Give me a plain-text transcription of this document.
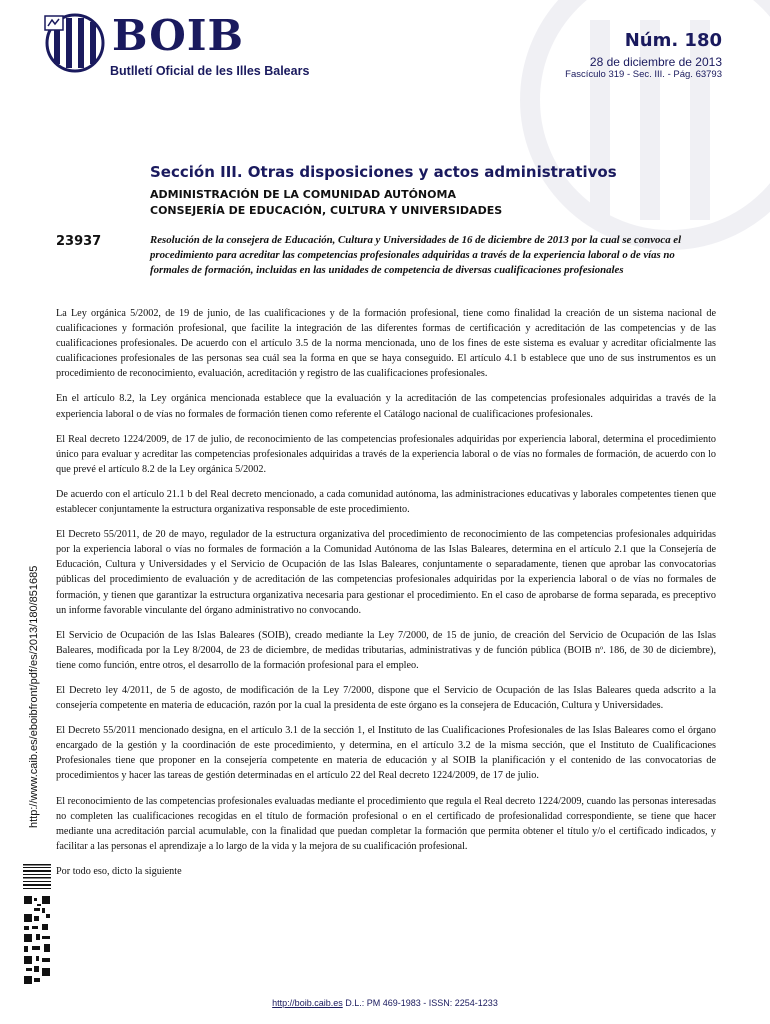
BOIB
Butlletí Oficial de les Illes Balears
Núm. 180
28 de diciembre de 2013
Fascículo 319 - Sec. III. - Pág. 63793
Sección III. Otras disposiciones y actos administrativos
ADMINISTRACIÓN DE LA COMUNIDAD AUTÓNOMA
CONSEJERÍA DE EDUCACIÓN, CULTURA Y UNIVERSIDADES
23937	Resolución de la consejera de Educación, Cultura y Universidades de 16 de diciembre de 2013 por la cual se convoca el procedimiento para acreditar las competencias profesionales adquiridas a través de la experiencia laboral o de vías no formales de formación, incluidas en las unidades de competencia de diversas cualificaciones profesionales

La Ley orgánica 5/2002, de 19 de junio, de las cualificaciones y de la formación profesional, tiene como finalidad la creación de un sistema nacional de cualificaciones y formación profesional, que facilite la integración de las diferentes formas de certificación y acreditación de las competencias y de las cualificaciones profesionales. De acuerdo con el artículo 3.5 de la norma mencionada, uno de los fines de este sistema es evaluar y acreditar oficialmente las cualificaciones profesionales de las personas sea cuál sea la forma en que se haya conseguido. El artículo 4.1 b establece que uno de sus instrumentos es un procedimiento de reconocimiento, evaluación, acreditación y registro de las cualificaciones profesionales.

En el artículo 8.2, la Ley orgánica mencionada establece que la evaluación y la acreditación de las competencias profesionales adquiridas a través de la experiencia laboral o de vías no formales de formación tienen como referente el Catálogo nacional de cualificaciones profesionales.

El Real decreto 1224/2009, de 17 de julio, de reconocimiento de las competencias profesionales adquiridas por experiencia laboral, determina el procedimiento único para evaluar y acreditar las competencias profesionales adquiridas a través de la experiencia laboral o de vías no formales de formación, de acuerdo con lo que prevé el artículo 8.2 de la Ley orgánica 5/2002.

De acuerdo con el artículo 21.1 b del Real decreto mencionado, a cada comunidad autónoma, las administraciones educativas y laborales competentes tienen que establecer conjuntamente la estructura organizativa responsable de este procedimiento.

El Decreto 55/2011, de 20 de mayo, regulador de la estructura organizativa del procedimiento de reconocimiento de las competencias profesionales adquiridas por la experiencia laboral o vías no formales de formación a la Comunidad Autónoma de las Islas Baleares, determina en el artículo 2.1 que la Consejería de Educación, Cultura y Universidades y el Servicio de Ocupación de las Islas Baleares, conjuntamente o separadamente, tienen que aprobar las convocatorias públicas del procedimiento de evaluación y de acreditación de las competencias profesionales adquiridas por la experiencia laboral o de vías no formales de formación, y tienen que garantizar la estructura organizativa necesaria para gestionar el procedimiento. En el caso de aprobarse de forma separada, es preceptivo un informe favorable vinculante del órgano administrativo no convocando.

El Servicio de Ocupación de las Islas Baleares (SOIB), creado mediante la Ley 7/2000, de 15 de junio, de creación del Servicio de Ocupación de las Islas Baleares, modificada por la Ley 8/2004, de 23 de diciembre, de medidas tributarias, administrativas y de función pública (BOIB nº. 186, de 30 de diciembre), tiene como función, entre otros, el desarrollo de la formación profesional para el empleo.

El Decreto ley 4/2011, de 5 de agosto, de modificación de la Ley 7/2000, dispone que el Servicio de Ocupación de las Islas Baleares queda adscrito a la consejería competente en materia de educación, razón por la cual la presidenta de este órgano es la consejera de Educación, Cultura y Universidades.

El Decreto 55/2011 mencionado designa, en el artículo 3.1 de la sección 1, el Instituto de las Cualificaciones Profesionales de las Islas Baleares como el órgano encargado de la gestión y la coordinación de este procedimiento, y determina, en el artículo 3.2 de la misma sección, que el Instituto de Cualificaciones Profesionales tiene que proponer en la consejería competente en materia de educación y al SOIB la planificación y el contenido de las convocatorias de procedimientos y hacer las tareas de gestión determinadas en el artículo 22 del Real decreto 1224/2009, de 17 de julio.

El reconocimiento de las competencias profesionales evaluadas mediante el procedimiento que regula el Real decreto 1224/2009, cuando las personas interesadas no completen las cualificaciones recogidas en el título de formación profesional o en el certificado de profesionalidad correspondiente, se tiene que hacer mediante una acreditación parcial acumulable, con la finalidad que puedan completar la formación que permita obtener el título y/o el certificado indicados, y facilitar a las personas el aprendizaje a lo largo de la vida y la mejora de su cualificación profesional.

Por todo eso, dicto la siguiente

http://www.caib.es/eboibfront/pdf/es/2013/180/851685
http://boib.caib.es D.L.: PM 469-1983 - ISSN: 2254-1233
